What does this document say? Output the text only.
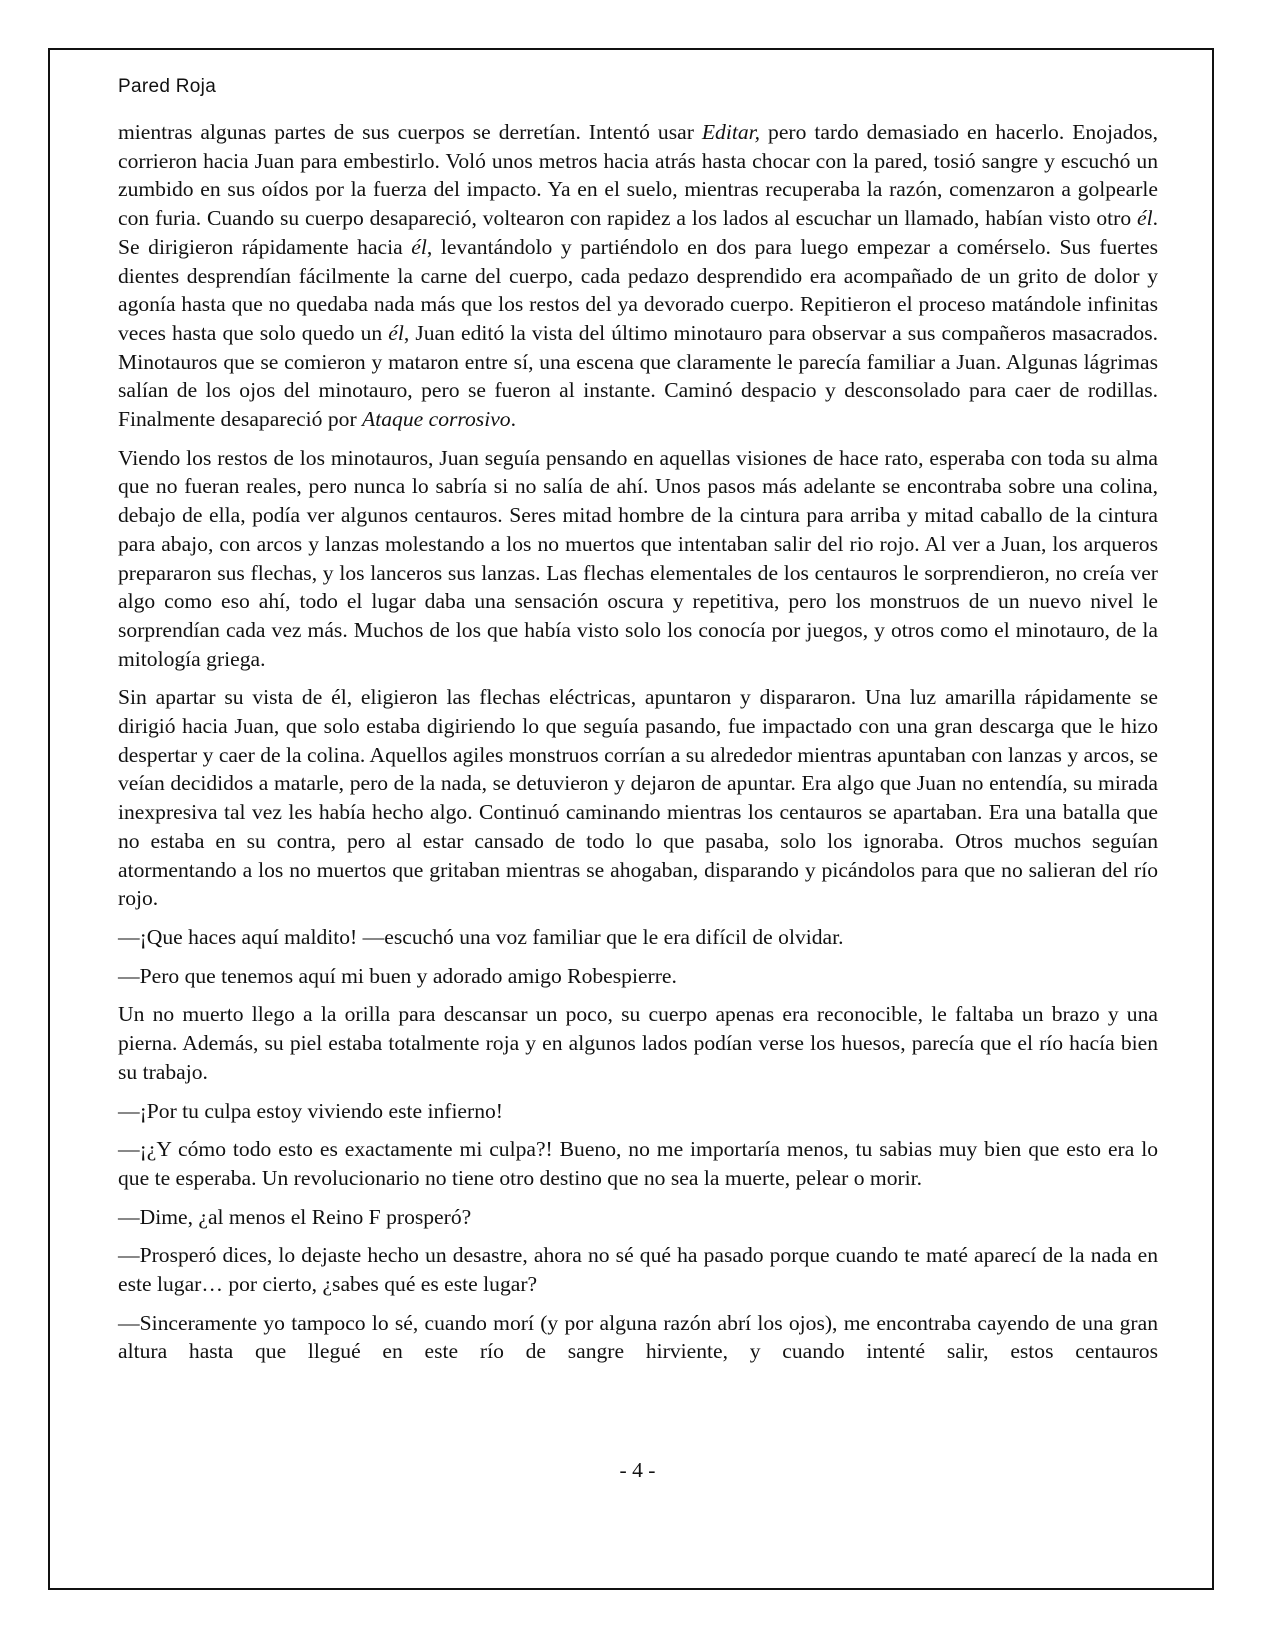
Pared Roja

mientras algunas partes de sus cuerpos se derretían. Intentó usar Editar, pero tardo demasiado en hacerlo. Enojados, corrieron hacia Juan para embestirlo. Voló unos metros hacia atrás hasta chocar con la pared, tosió sangre y escuchó un zumbido en sus oídos por la fuerza del impacto. Ya en el suelo, mientras recuperaba la razón, comenzaron a golpearle con furia. Cuando su cuerpo desapareció, voltearon con rapidez a los lados al escuchar un llamado, habían visto otro él. Se dirigieron rápidamente hacia él, levantándolo y partiéndolo en dos para luego empezar a comérselo. Sus fuertes dientes desprendían fácilmente la carne del cuerpo, cada pedazo desprendido era acompañado de un grito de dolor y agonía hasta que no quedaba nada más que los restos del ya devorado cuerpo. Repitieron el proceso matándole infinitas veces hasta que solo quedo un él, Juan editó la vista del último minotauro para observar a sus compañeros masacrados. Minotauros que se comieron y mataron entre sí, una escena que claramente le parecía familiar a Juan. Algunas lágrimas salían de los ojos del minotauro, pero se fueron al instante. Caminó despacio y desconsolado para caer de rodillas. Finalmente desapareció por Ataque corrosivo.

Viendo los restos de los minotauros, Juan seguía pensando en aquellas visiones de hace rato, esperaba con toda su alma que no fueran reales, pero nunca lo sabría si no salía de ahí. Unos pasos más adelante se encontraba sobre una colina, debajo de ella, podía ver algunos centauros. Seres mitad hombre de la cintura para arriba y mitad caballo de la cintura para abajo, con arcos y lanzas molestando a los no muertos que intentaban salir del rio rojo. Al ver a Juan, los arqueros prepararon sus flechas, y los lanceros sus lanzas. Las flechas elementales de los centauros le sorprendieron, no creía ver algo como eso ahí, todo el lugar daba una sensación oscura y repetitiva, pero los monstruos de un nuevo nivel le sorprendían cada vez más. Muchos de los que había visto solo los conocía por juegos, y otros como el minotauro, de la mitología griega.

Sin apartar su vista de él, eligieron las flechas eléctricas, apuntaron y dispararon. Una luz amarilla rápidamente se dirigió hacia Juan, que solo estaba digiriendo lo que seguía pasando, fue impactado con una gran descarga que le hizo despertar y caer de la colina. Aquellos agiles monstruos corrían a su alrededor mientras apuntaban con lanzas y arcos, se veían decididos a matarle, pero de la nada, se detuvieron y dejaron de apuntar. Era algo que Juan no entendía, su mirada inexpresiva tal vez les había hecho algo. Continuó caminando mientras los centauros se apartaban. Era una batalla que no estaba en su contra, pero al estar cansado de todo lo que pasaba, solo los ignoraba. Otros muchos seguían atormentando a los no muertos que gritaban mientras se ahogaban, disparando y picándolos para que no salieran del río rojo.

—¡Que haces aquí maldito! —escuchó una voz familiar que le era difícil de olvidar.

—Pero que tenemos aquí mi buen y adorado amigo Robespierre.

Un no muerto llego a la orilla para descansar un poco, su cuerpo apenas era reconocible, le faltaba un brazo y una pierna. Además, su piel estaba totalmente roja y en algunos lados podían verse los huesos, parecía que el río hacía bien su trabajo.

—¡Por tu culpa estoy viviendo este infierno!

—¡¿Y cómo todo esto es exactamente mi culpa?! Bueno, no me importaría menos, tu sabias muy bien que esto era lo que te esperaba. Un revolucionario no tiene otro destino que no sea la muerte, pelear o morir.

—Dime, ¿al menos el Reino F prosperó?

—Prosperó dices, lo dejaste hecho un desastre, ahora no sé qué ha pasado porque cuando te maté aparecí de la nada en este lugar… por cierto, ¿sabes qué es este lugar?

—Sinceramente yo tampoco lo sé, cuando morí (y por alguna razón abrí los ojos), me encontraba cayendo de una gran altura hasta que llegué en este río de sangre hirviente, y cuando intenté salir, estos centauros

- 4 -
